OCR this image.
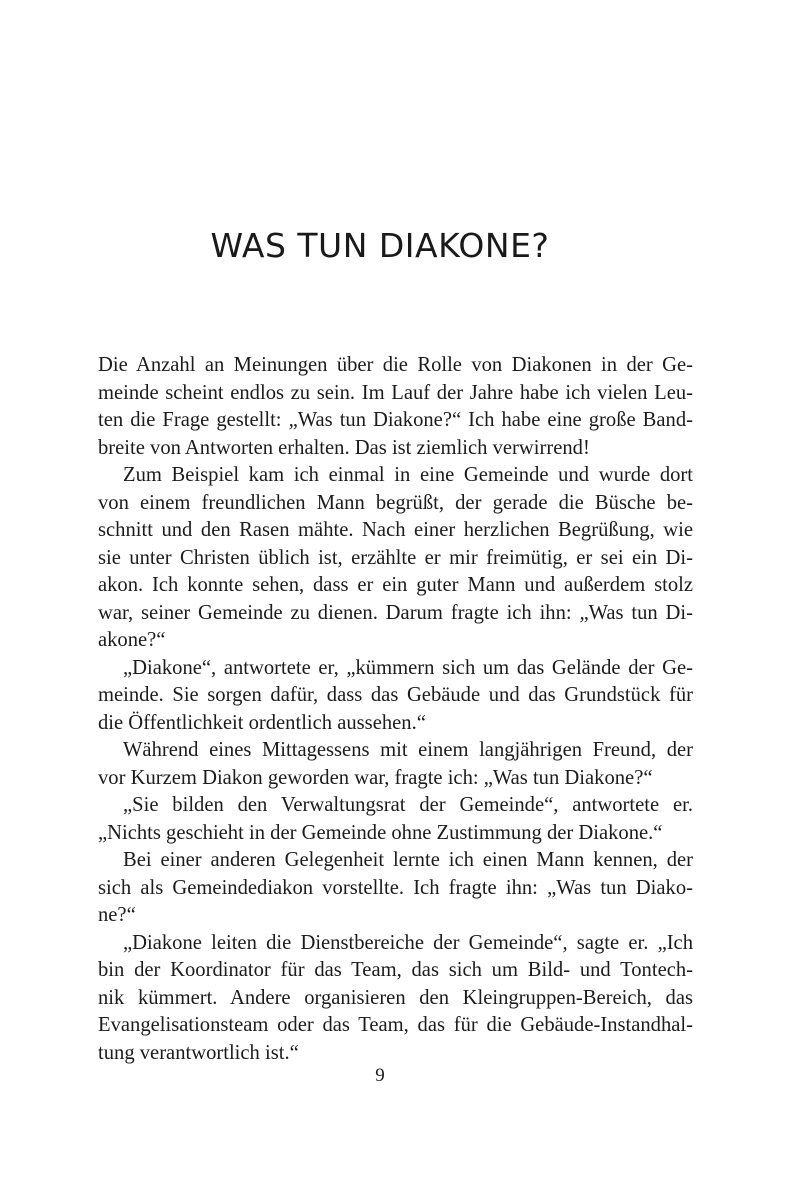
WAS TUN DIAKONE?
Die Anzahl an Meinungen über die Rolle von Diakonen in der Ge-
meinde scheint endlos zu sein. Im Lauf der Jahre habe ich vielen Leu-
ten die Frage gestellt: „Was tun Diakone?“ Ich habe eine große Band-
breite von Antworten erhalten. Das ist ziemlich verwirrend!
Zum Beispiel kam ich einmal in eine Gemeinde und wurde dort
von einem freundlichen Mann begrüßt, der gerade die Büsche be-
schnitt und den Rasen mähte. Nach einer herzlichen Begrüßung, wie
sie unter Christen üblich ist, erzählte er mir freimütig, er sei ein Di-
akon. Ich konnte sehen, dass er ein guter Mann und außerdem stolz
war, seiner Gemeinde zu dienen. Darum fragte ich ihn: „Was tun Di-
akone?“
„Diakone“, antwortete er, „kümmern sich um das Gelände der Ge-
meinde. Sie sorgen dafür, dass das Gebäude und das Grundstück für
die Öffentlichkeit ordentlich aussehen.“
Während eines Mittagessens mit einem langjährigen Freund, der
vor Kurzem Diakon geworden war, fragte ich: „Was tun Diakone?“
„Sie bilden den Verwaltungsrat der Gemeinde“, antwortete er.
„Nichts geschieht in der Gemeinde ohne Zustimmung der Diakone.“
Bei einer anderen Gelegenheit lernte ich einen Mann kennen, der
sich als Gemeindediakon vorstellte. Ich fragte ihn: „Was tun Diako-
ne?“
„Diakone leiten die Dienstbereiche der Gemeinde“, sagte er. „Ich
bin der Koordinator für das Team, das sich um Bild- und Tontech-
nik kümmert. Andere organisieren den Kleingruppen-Bereich, das
Evangelisationsteam oder das Team, das für die Gebäude-Instandhal-
tung verantwortlich ist.“
9
